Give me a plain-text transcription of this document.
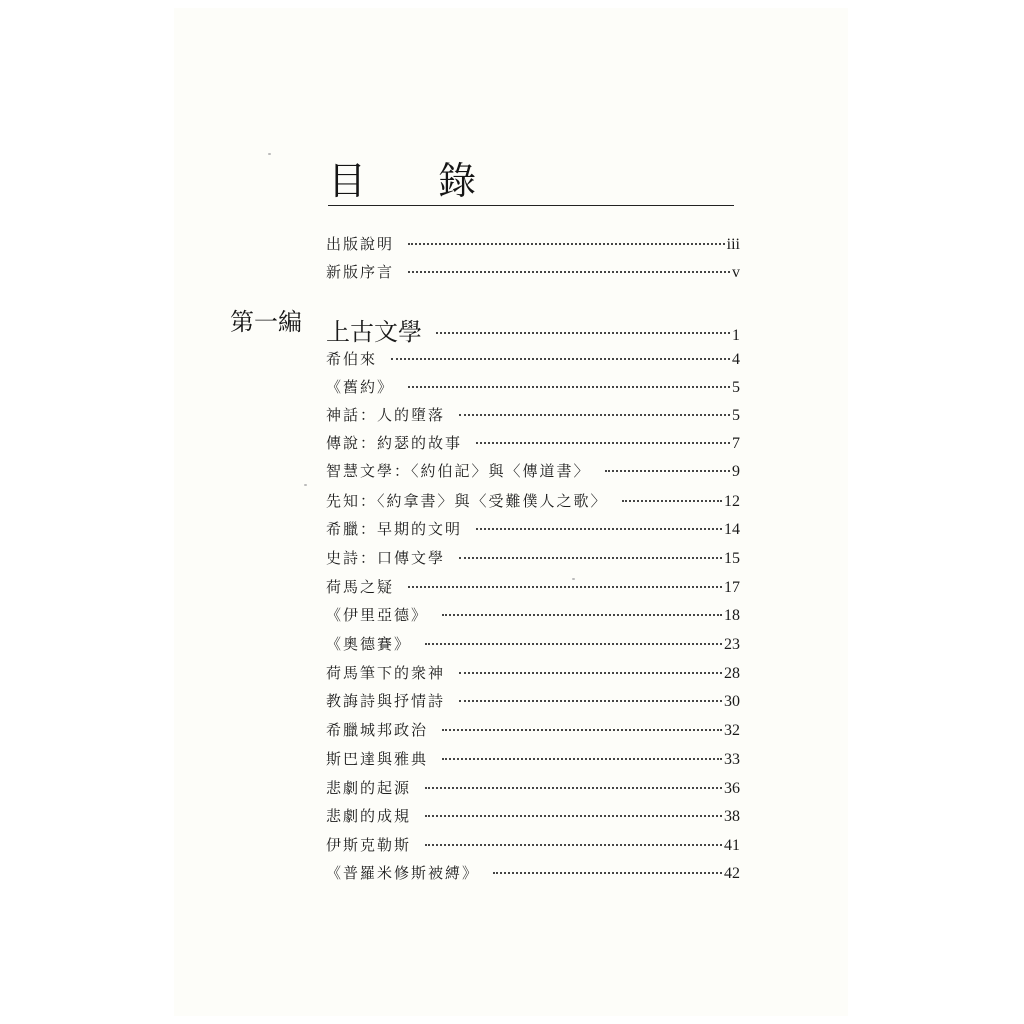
目 錄
出版說明	iii
新版序言	v
第一編 上古文學	1
希伯來	4
《舊約》	5
神話：人的墮落	5
傳說：約瑟的故事	7
智慧文學：〈約伯記〉與〈傳道書〉	9
先知：〈約拿書〉與〈受難僕人之歌〉	12
希臘：早期的文明	14
史詩：口傳文學	15
荷馬之疑	17
《伊里亞德》	18
《奧德賽》	23
荷馬筆下的衆神	28
教誨詩與抒情詩	30
希臘城邦政治	32
斯巴達與雅典	33
悲劇的起源	36
悲劇的成規	38
伊斯克勒斯	41
《普羅米修斯被縛》	42
